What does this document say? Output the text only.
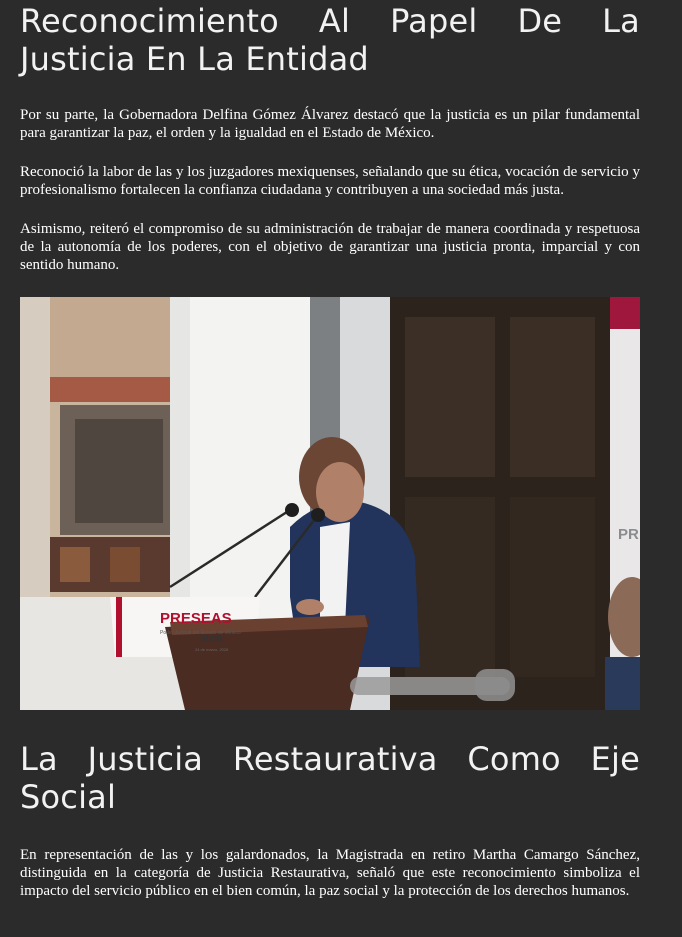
Reconocimiento Al Papel De La Justicia En La Entidad

Por su parte, la Gobernadora Delfina Gómez Álvarez destacó que la justicia es un pilar fundamental para garantizar la paz, el orden y la igualdad en el Estado de México.

Reconoció la labor de las y los juzgadores mexiquenses, señalando que su ética, vocación de servicio y profesionalismo fortalecen la confianza ciudadana y contribuyen a una sociedad más justa.

Asimismo, reiteró el compromiso de su administración de trabajar de manera coordinada y respetuosa de la autonomía de los poderes, con el objetivo de garantizar una justicia pronta, imparcial y con sentido humano.

PR
PRESEAS
Poder Judicial del Estado de México
2026
24 de marzo, 2026
La Justicia Restaurativa Como Eje Social

En representación de las y los galardonados, la Magistrada en retiro Martha Camargo Sánchez, distinguida en la categoría de Justicia Restaurativa, señaló que este reconocimiento simboliza el impacto del servicio público en el bien común, la paz social y la protección de los derechos humanos.
